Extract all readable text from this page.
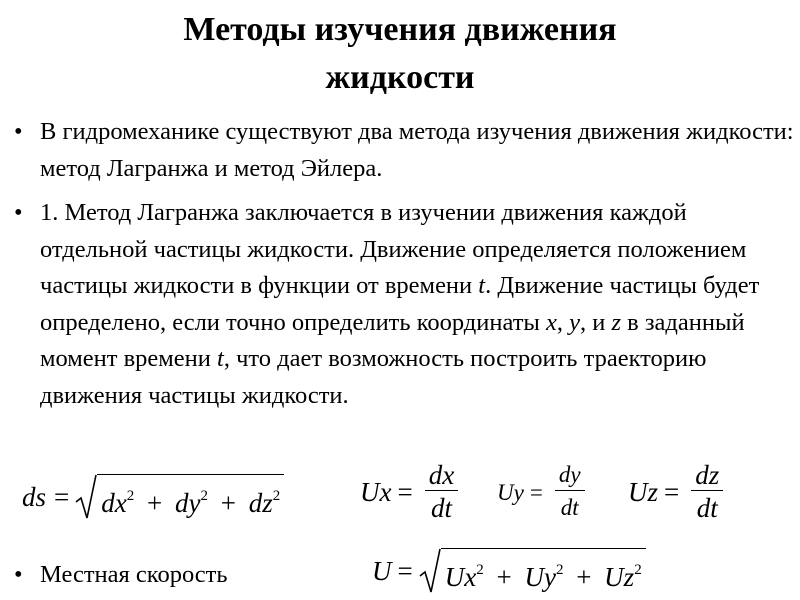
Методы изучения движения
жидкости
• В гидромеханике существуют два метода изучения движения жидкости: метод Лагранжа и метод Эйлера.
• 1. Метод Лагранжа заключается в изучении движения каждой отдельной частицы жидкости. Движение определяется положением частицы жидкости в функции от времени t. Движение частицы будет определено, если точно определить координаты x, y, и z в заданный момент времени t, что дает возможность построить траекторию движения частицы жидкости.
ds = $dx^2 + dy^2 + dz^2$	$Ux = \frac{dx}{dt}$ $Uy = \frac{dy}{dt}$ $Uz = \frac{dz}{dt}$
• Местная скорость	$U = Ux^2 + Uy^2 + Uz^2$
